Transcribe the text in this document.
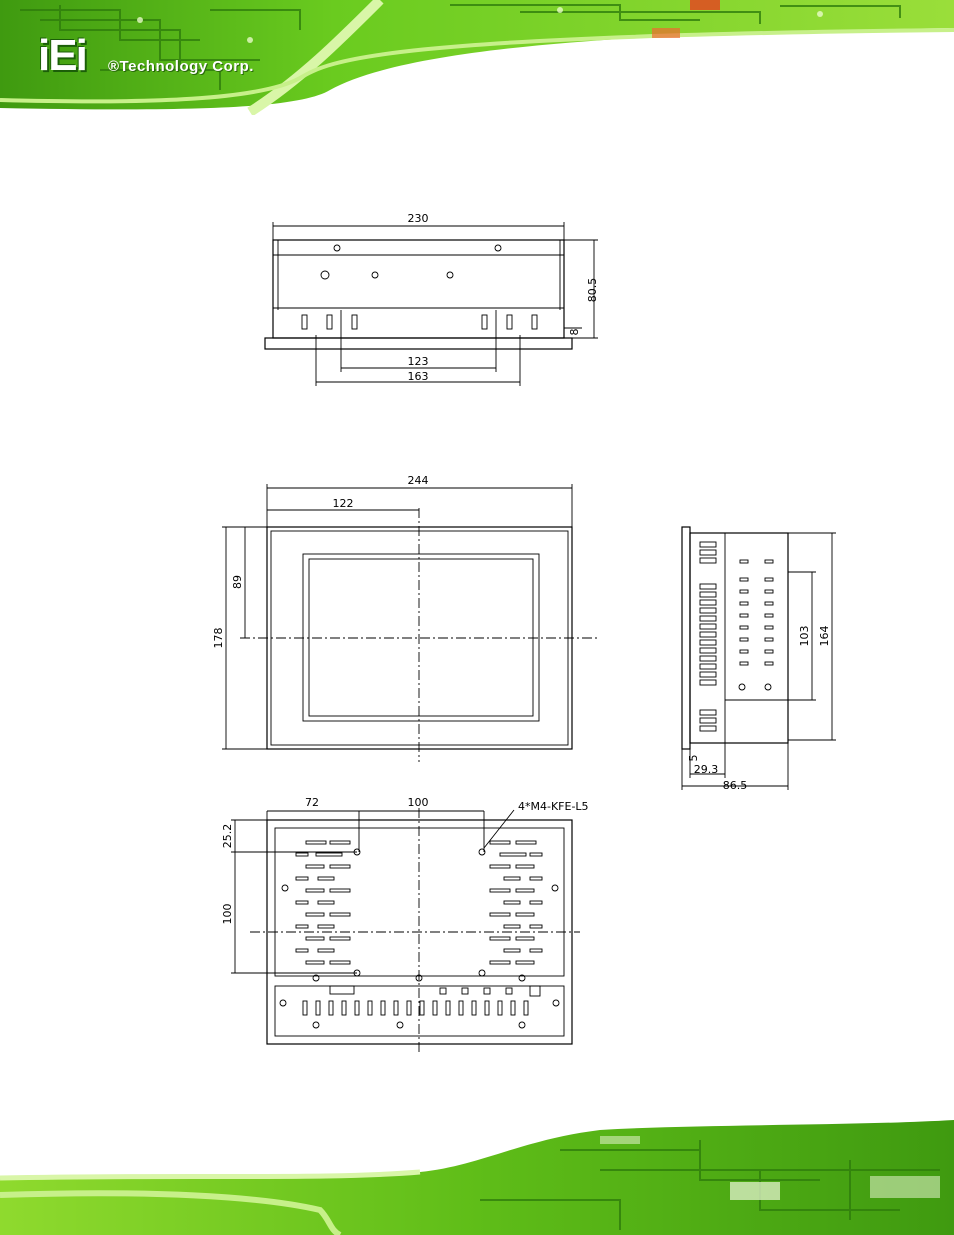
iEi ®Technology Corp.
230
80.5
8
123
163
244
122
178
89
164
103
29.3
86.5
5
72	100	4*M4-KFE-L5
25.2
100
